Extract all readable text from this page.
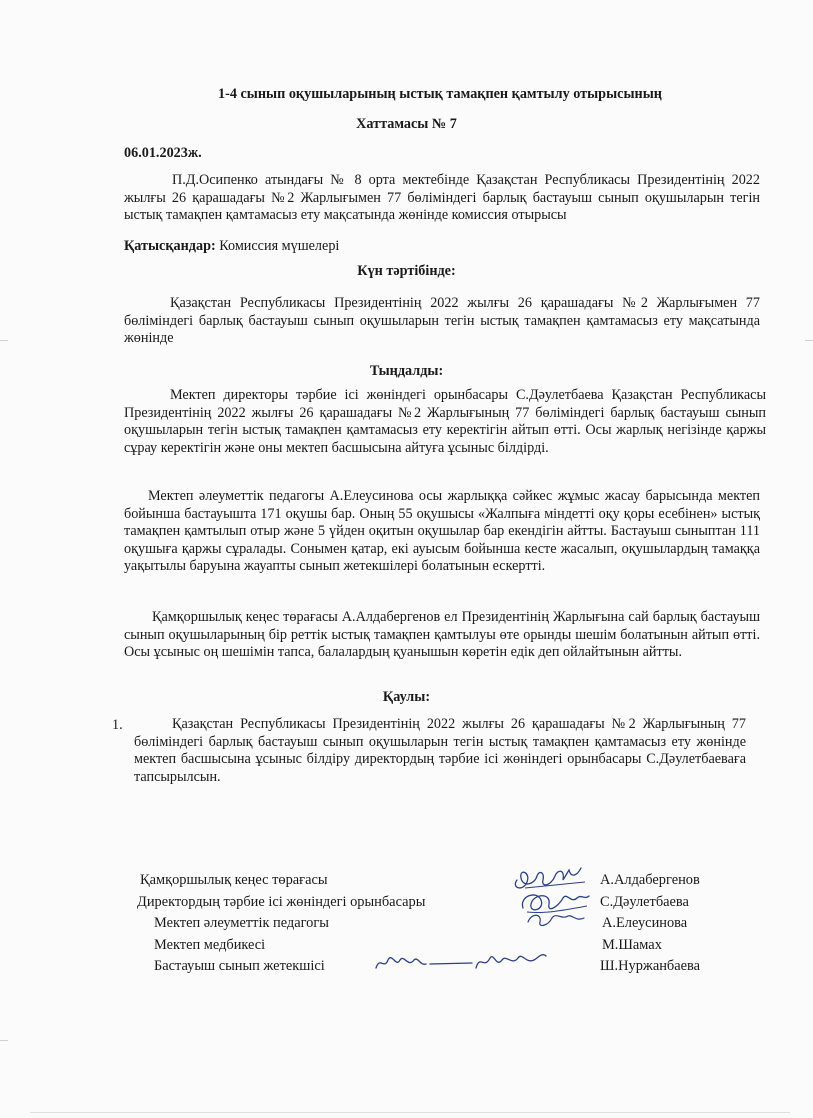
1-4 сынып оқушыларының ыстық тамақпен қамтылу отырысының
Хаттамасы № 7
06.01.2023ж.
П.Д.Осипенко атындағы № 8 орта мектебінде Қазақстан Республикасы Президентінің 2022 жылғы 26 қарашадағы №2 Жарлығымен 77 бөліміндегі барлық бастауыш сынып оқушыларын тегін ыстық тамақпен қамтамасыз ету мақсатында жөнінде комиссия отырысы
Қатысқандар: Комиссия мүшелері
Күн тәртібінде:
Қазақстан Республикасы Президентінің 2022 жылғы 26 қарашадағы №2 Жарлығымен 77 бөліміндегі барлық бастауыш сынып оқушыларын тегін ыстық тамақпен қамтамасыз ету мақсатында жөнінде
Тыңдалды:
Мектеп директоры тәрбие ісі жөніндегі орынбасары С.Дәулетбаева Қазақстан Республикасы Президентінің 2022 жылғы 26 қарашадағы №2 Жарлығының 77 бөліміндегі барлық бастауыш сынып оқушыларын тегін ыстық тамақпен қамтамасыз ету керектігін айтып өтті. Осы жарлық негізінде қаржы сұрау керектігін және оны мектеп басшысына айтуға ұсыныс білдірді.
Мектеп әлеуметтік педагогы А.Елеусинова осы жарлыққа сәйкес жұмыс жасау барысында мектеп бойынша бастауышта 171 оқушы бар. Оның 55 оқушысы «Жалпыға міндетті оқу қоры есебінен» ыстық тамақпен қамтылып отыр және 5 үйден оқитын оқушылар бар екендігін айтты. Бастауыш сыныптан 111 оқушыға қаржы сұралады. Сонымен қатар, екі ауысым бойынша кесте жасалып, оқушылардың тамаққа уақытылы баруына жауапты сынып жетекшілері болатынын ескертті.
Қамқоршылық кеңес төрағасы А.Алдабергенов ел Президентінің Жарлығына сай барлық бастауыш сынып оқушыларының бір реттік ыстық тамақпен қамтылуы өте орынды шешім болатынын айтып өтті. Осы ұсыныс оң шешімін тапса, балалардың қуанышын көретін едік деп ойлайтынын айтты.
Қаулы:
1.	Қазақстан Республикасы Президентінің 2022 жылғы 26 қарашадағы №2 Жарлығының 77 бөліміндегі барлық бастауыш сынып оқушыларын тегін ыстық тамақпен қамтамасыз ету жөнінде мектеп басшысына ұсыныс білдіру директордың тәрбие ісі жөніндегі орынбасары С.Дәулетбаеваға тапсырылсын.
Қамқоршылық кеңес төрағасы	А.Алдабергенов
Директордың тәрбие ісі жөніндегі орынбасары	С.Дәулетбаева
Мектеп әлеуметтік педагогы	А.Елеусинова
Мектеп медбикесі	М.Шамах
Бастауыш сынып жетекшісі	Ш.Нуржанбаева
